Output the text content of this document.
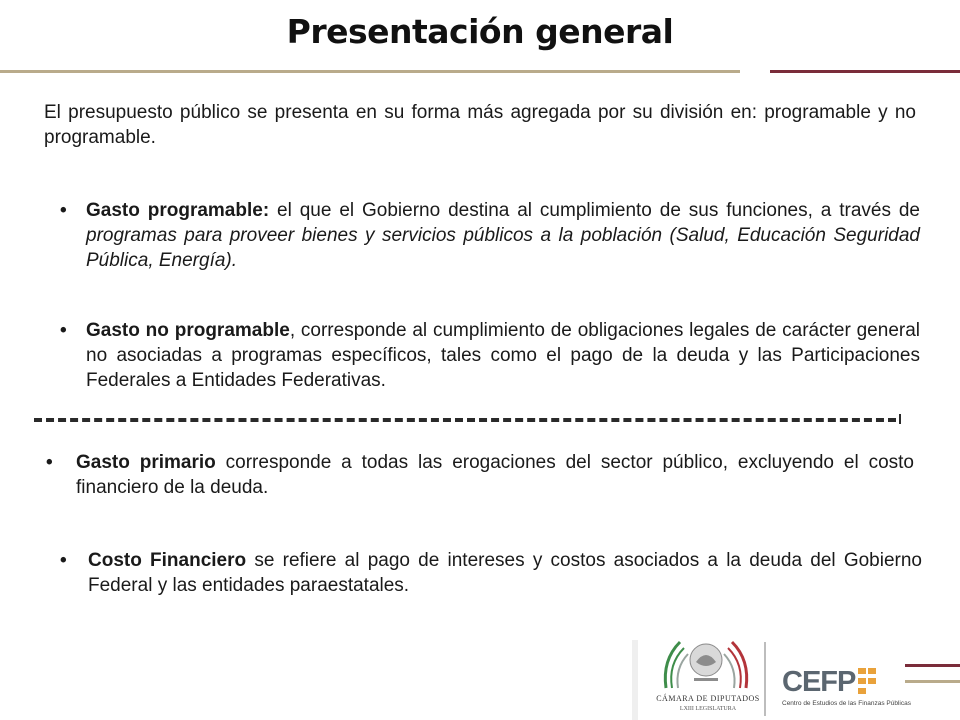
Presentación general
El presupuesto público se presenta en su forma más agregada por su división en: programable y no programable.
• Gasto programable: el que el Gobierno destina al cumplimiento de sus funciones, a través de programas para proveer bienes y servicios públicos a la población (Salud, Educación Seguridad Pública, Energía).
• Gasto no programable, corresponde al cumplimiento de obligaciones legales de carácter general no asociadas a programas específicos, tales como el pago de la deuda y las Participaciones Federales a Entidades Federativas.
• Gasto primario corresponde a todas las erogaciones del sector público, excluyendo el costo financiero de la deuda.
• Costo Financiero se refiere al pago de intereses y costos asociados a la deuda del Gobierno Federal y las entidades paraestatales.
CÁMARA DE DIPUTADOS
LXIII LEGISLATURA
CEFP
Centro de Estudios de las Finanzas Públicas
